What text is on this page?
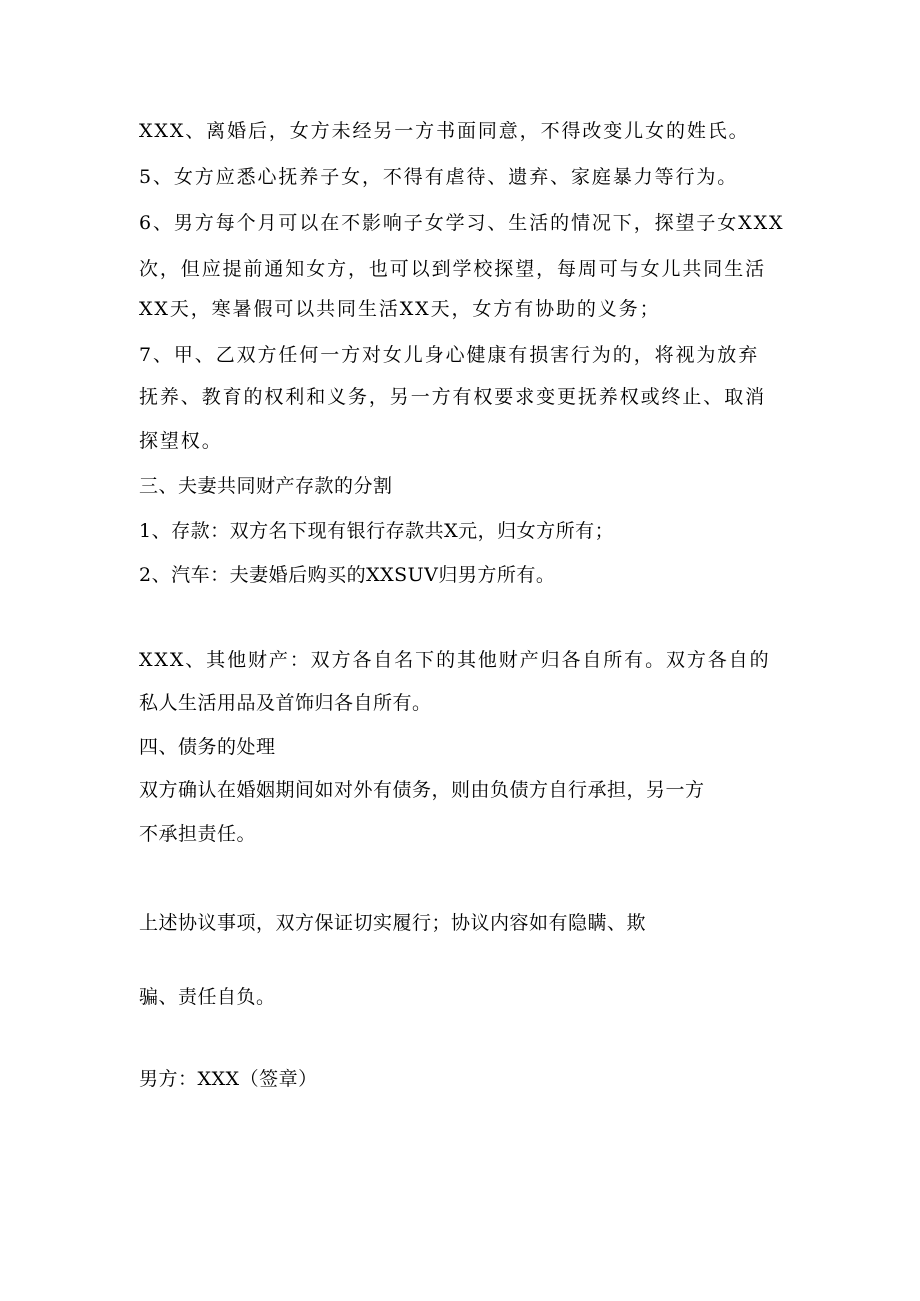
XXX、离婚后，女方未经另一方书面同意，不得改变儿女的姓氏。
5、女方应悉心抚养子女，不得有虐待、遗弃、家庭暴力等行为。
6、男方每个月可以在不影响子女学习、生活的情况下，探望子女XXX
次，但应提前通知女方，也可以到学校探望，每周可与女儿共同生活
XX天，寒暑假可以共同生活XX天，女方有协助的义务；
7、甲、乙双方任何一方对女儿身心健康有损害行为的，将视为放弃
抚养、教育的权利和义务，另一方有权要求变更抚养权或终止、取消
探望权。
三、夫妻共同财产存款的分割
1、存款：双方名下现有银行存款共X元，归女方所有；
2、汽车：夫妻婚后购买的XXSUV归男方所有。
XXX、其他财产：双方各自名下的其他财产归各自所有。双方各自的
私人生活用品及首饰归各自所有。
四、债务的处理
双方确认在婚姻期间如对外有债务，则由负债方自行承担，另一方
不承担责任。
上述协议事项，双方保证切实履行；协议内容如有隐瞒、欺
骗、责任自负。
男方：XXX（签章）
